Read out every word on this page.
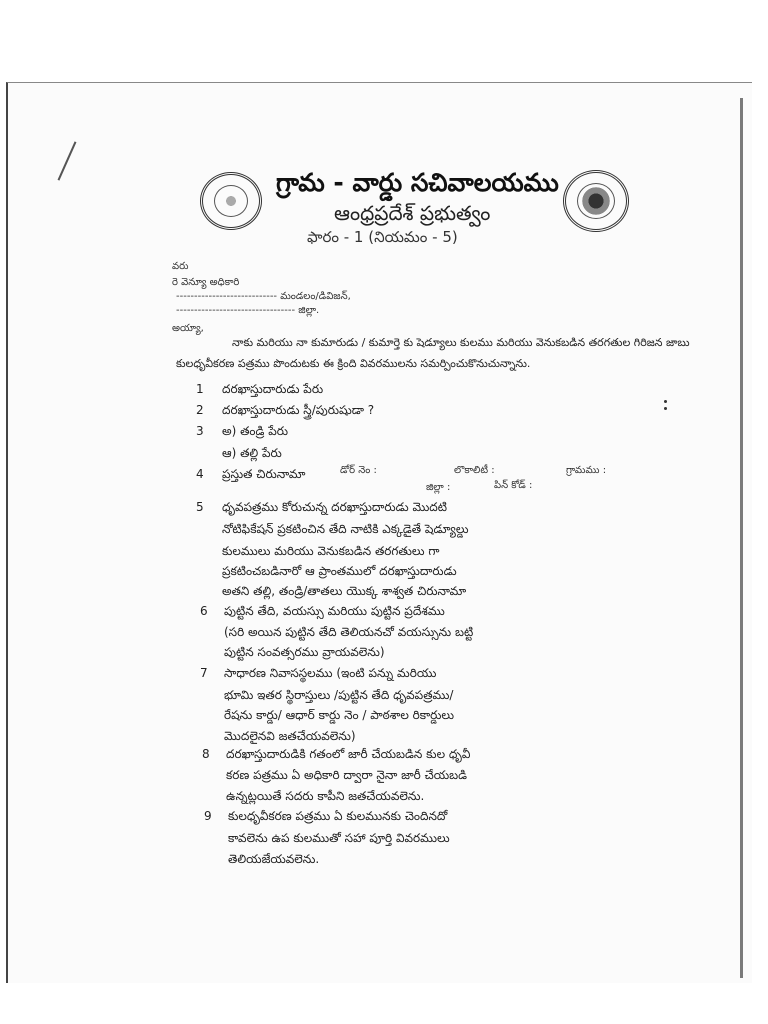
గ్రామ - వార్డు సచివాలయము
ఆంధ్రప్రదేశ్ ప్రభుత్వం
ఫారం - 1 (నియమం - 5)
వరు
రె వెన్యూ అధికారి
---------------------------- మండలం/డివిజన్,
--------------------------------- జిల్లా.
అయ్యా,
నాకు మరియు నా కుమారుడు / కుమార్తె కు షెడ్యూలు కులము మరియు వెనుకబడిన తరగతుల గిరిజన జాబు
కులధృవీకరణ పత్రము పొందుటకు ఈ క్రింది వివరములను సమర్పించుకొనుచున్నాను.
1 దరఖాస్తుదారుడు పేరు
2 దరఖాస్తుదారుడు స్త్రీ/పురుషుడా ?
3 అ) తండ్రి పేరు
ఆ) తల్లి పేరు
4 ప్రస్తుత చిరునామా	డోర్ నెం :	లొకాలిటీ :	గ్రామము :
జిల్లా :	పిన్ కోడ్ :
5 ధృవపత్రము కోరుచున్న దరఖాస్తుదారుడు మొదటి
నోటిఫికేషన్ ప్రకటించిన తేది నాటికి ఎక్కడైతే షెడ్యూల్డు
కులములు మరియు వెనుకబడిన తరగతులు గా
ప్రకటించబడినారో ఆ ప్రాంతములో దరఖాస్తుదారుడు
అతని తల్లి, తండ్రి/తాతలు యొక్క శాశ్వత చిరునామా
6 పుట్టిన తేది, వయస్సు మరియు పుట్టిన ప్రదేశము
(సరి అయిన పుట్టిన తేది తెలియనచో వయస్సును బట్టి
పుట్టిన సంవత్సరము వ్రాయవలెను)
7 సాధారణ నివాసస్థలము (ఇంటి పన్ను మరియు
భూమి ఇతర స్థిరాస్తులు /పుట్టిన తేది ధృవపత్రము/
రేషను కార్డు/ ఆధార్ కార్డు నెం / పాఠశాల రికార్డులు
మొదలైనవి జతచేయవలెను)
8 దరఖాస్తుదారుడికి గతంలో జారీ చేయబడిన కుల ధృవీ
కరణ పత్రము ఏ అధికారి ద్వారా నైనా జారీ చేయబడి
ఉన్నట్లయితే సదరు కాపీని జతచేయవలెను.
9 కులధృవీకరణ పత్రము ఏ కులమునకు చెందినదో
కావలెను ఉప కులముతో సహా పూర్తి వివరములు
తెలియజేయవలెను.
